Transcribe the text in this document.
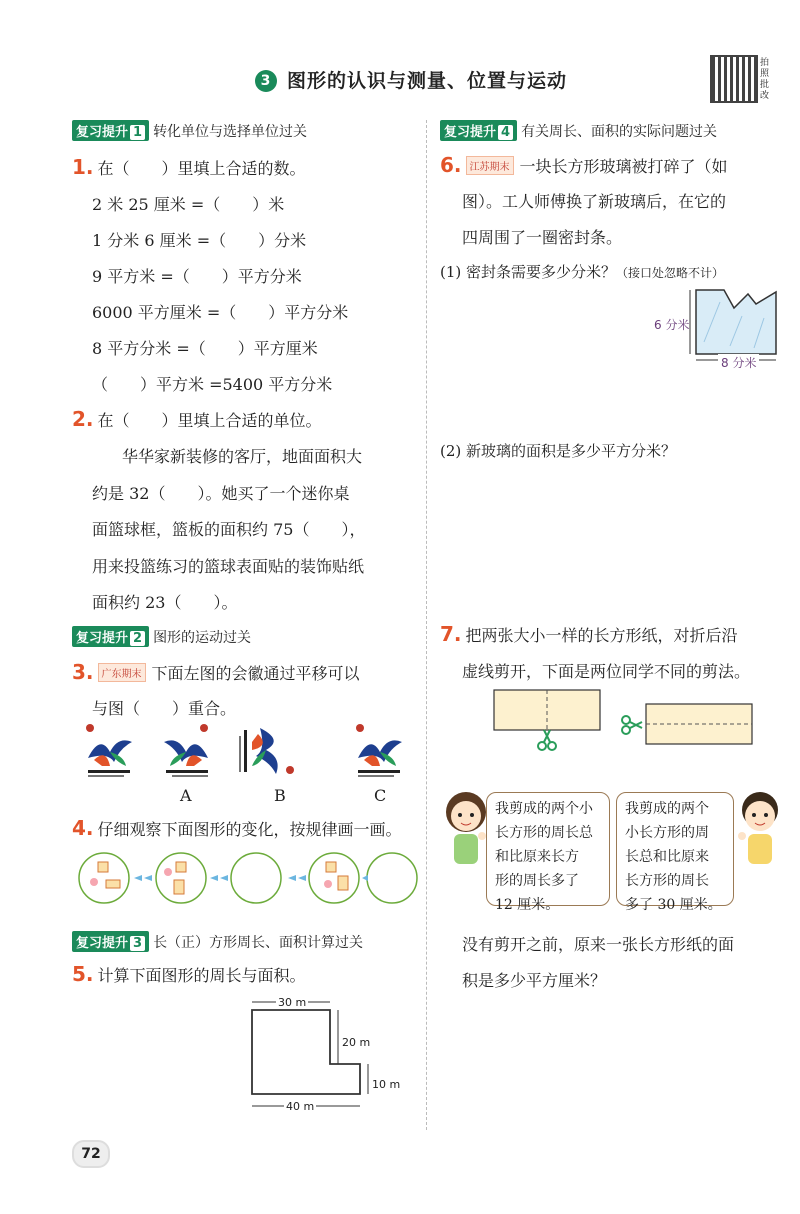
3 图形的认识与测量、位置与运动
拍照批改
复习提升 1 转化单位与选择单位过关
1. 在（　　）里填上合适的数。
2 米 25 厘米 =（　　）米
1 分米 6 厘米 =（　　）分米
9 平方米 =（　　）平方分米
6000 平方厘米 =（　　）平方分米
8 平方分米 =（　　）平方厘米
（　　）平方米 =5400 平方分米
2. 在（　　）里填上合适的单位。
华华家新装修的客厅，地面面积大
约是 32（　　）。她买了一个迷你桌
面篮球框，篮板的面积约 75（　　），
用来投篮练习的篮球表面贴的装饰贴纸
面积约 23（　　）。
复习提升 2 图形的运动过关
3. 广东期末 下面左图的会徽通过平移可以
与图（　　）重合。
A	B	C
4. 仔细观察下面图形的变化，按规律画一画。
复习提升 3 长（正）方形周长、面积计算过关
5. 计算下面图形的周长与面积。
30 m
20 m
10 m
40 m
72
复习提升 4 有关周长、面积的实际问题过关
6. 江苏期末 一块长方形玻璃被打碎了（如
图）。工人师傅换了新玻璃后，在它的
四周围了一圈密封条。
(1) 密封条需要多少分米？（接口处忽略不计）
6 分米
8 分米
(2) 新玻璃的面积是多少平方分米？
7. 把两张大小一样的长方形纸，对折后沿
虚线剪开，下面是两位同学不同的剪法。
我剪成的两个小
长方形的周长总
和比原来长方
形的周长多了
12 厘米。
我剪成的两个
小长方形的周
长总和比原来
长方形的周长
多了 30 厘米。
没有剪开之前，原来一张长方形纸的面
积是多少平方厘米？
